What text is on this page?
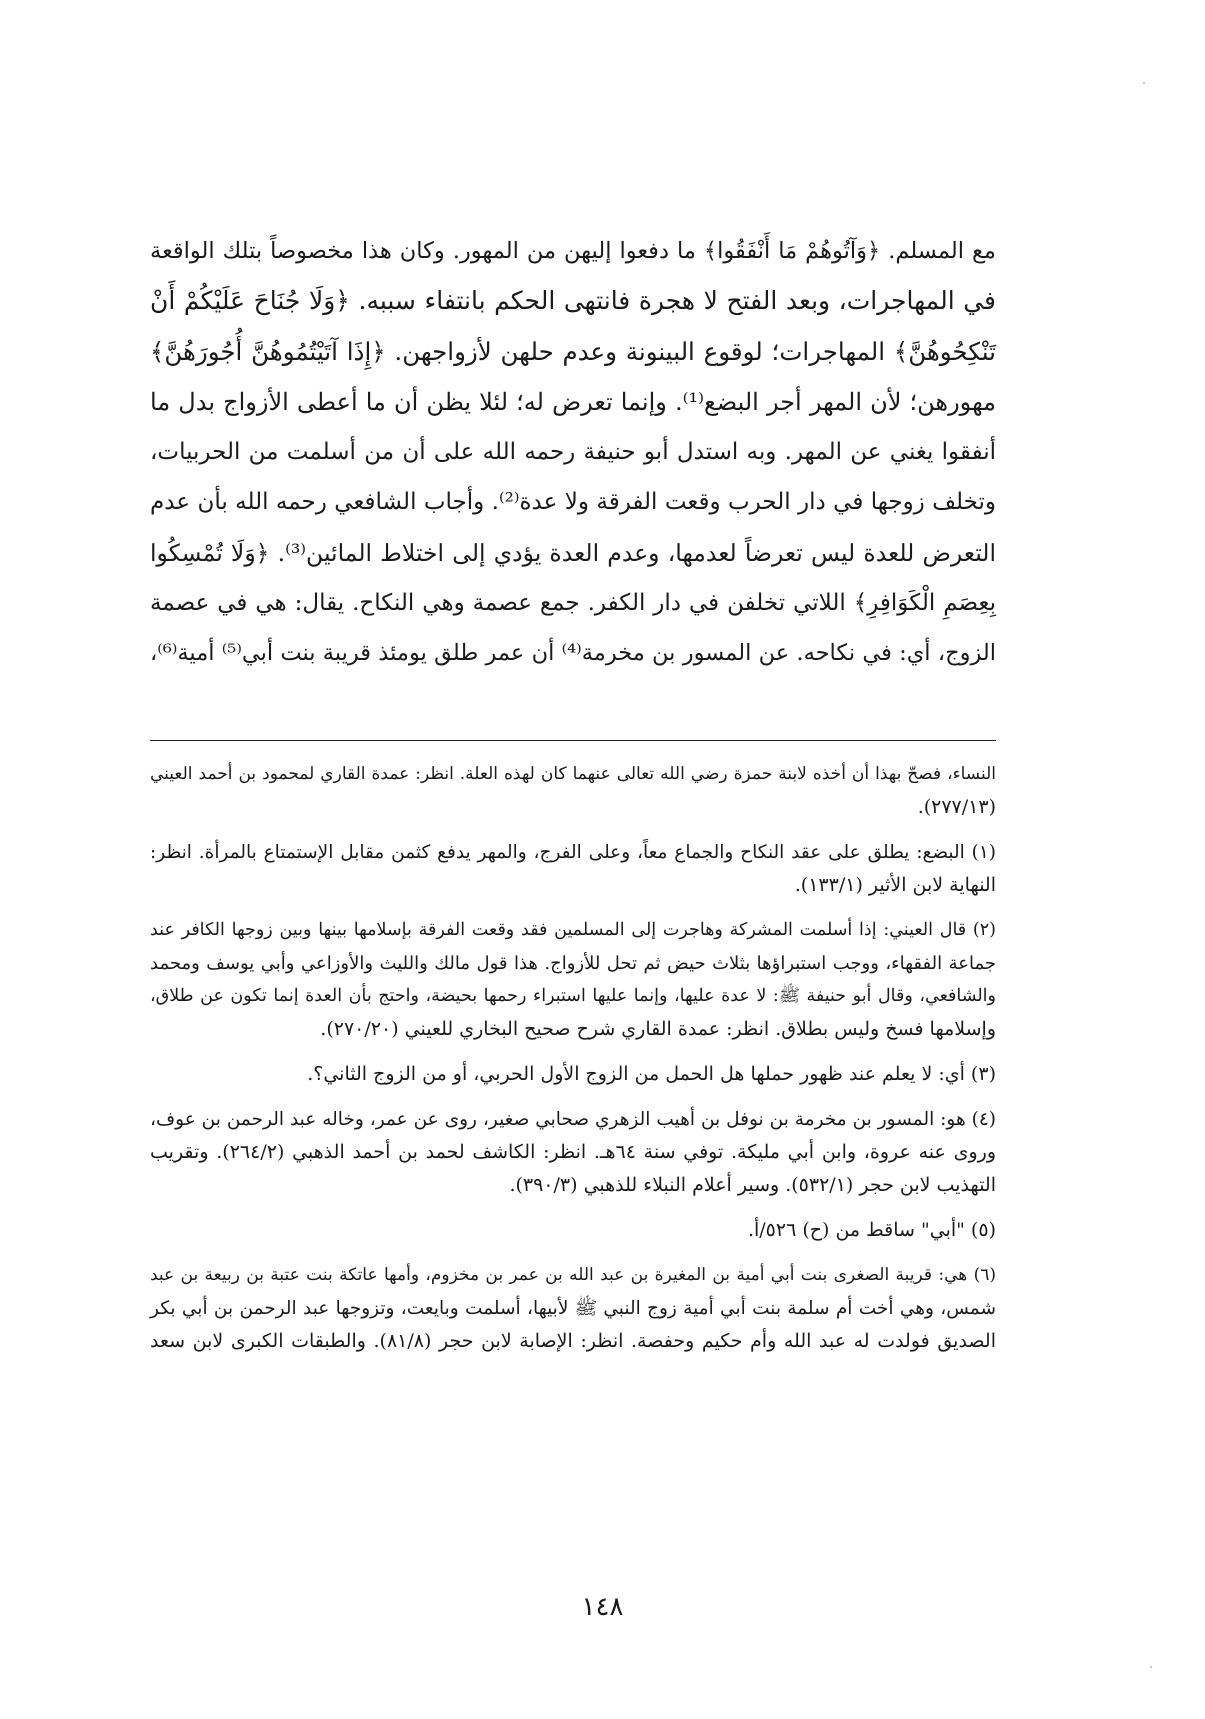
مع المسلم. ﴿وَآتُوهُمْ مَا أَنْفَقُوا﴾ ما دفعوا إليهن من المهور. وكان هذا مخصوصاً بتلك الواقعة
في المهاجرات، وبعد الفتح لا هجرة فانتهى الحكم بانتفاء سببه. ﴿وَلَا جُنَاحَ عَلَيْكُمْ أَنْ
تَنْكِحُوهُنَّ﴾ المهاجرات؛ لوقوع البينونة وعدم حلهن لأزواجهن. ﴿إِذَا آتَيْتُمُوهُنَّ أُجُورَهُنَّ﴾
مهورهن؛ لأن المهر أجر البضع⁽¹⁾. وإنما تعرض له؛ لئلا يظن أن ما أعطى الأزواج بدل ما
أنفقوا يغني عن المهر. وبه استدل أبو حنيفة رحمه الله على أن من أسلمت من الحربيات،
وتخلف زوجها في دار الحرب وقعت الفرقة ولا عدة⁽²⁾. وأجاب الشافعي رحمه الله بأن عدم
التعرض للعدة ليس تعرضاً لعدمها، وعدم العدة يؤدي إلى اختلاط المائين⁽³⁾. ﴿وَلَا تُمْسِكُوا
بِعِصَمِ الْكَوَافِرِ﴾ اللاتي تخلفن في دار الكفر. جمع عصمة وهي النكاح. يقال: هي في عصمة
الزوج، أي: في نكاحه. عن المسور بن مخرمة⁽⁴⁾ أن عمر طلق يومئذ قريبة بنت أبي⁽⁵⁾ أمية⁽⁶⁾،
النساء، فصحّ بهذا أن أخذه لابنة حمزة رضي الله تعالى عنهما كان لهذه العلة. انظر: عمدة القاري لمحمود بن أحمد العيني
(٢٧٧/١٣).
(١) البضع: يطلق على عقد النكاح والجماع معاً، وعلى الفرج، والمهر يدفع كثمن مقابل الإستمتاع بالمرأة. انظر:
النهاية لابن الأثير (١٣٣/١).
(٢) قال العيني: إذا أسلمت المشركة وهاجرت إلى المسلمين فقد وقعت الفرقة بإسلامها بينها وبين زوجها الكافر عند
جماعة الفقهاء، ووجب استبراؤها بثلاث حيض ثم تحل للأزواج. هذا قول مالك والليث والأوزاعي وأبي يوسف ومحمد
والشافعي، وقال أبو حنيفة ﷺ: لا عدة عليها، وإنما عليها استبراء رحمها بحيضة، واحتج بأن العدة إنما تكون عن طلاق،
وإسلامها فسخ وليس بطلاق. انظر: عمدة القاري شرح صحيح البخاري للعيني (٢٧٠/٢٠).
(٣) أي: لا يعلم عند ظهور حملها هل الحمل من الزوج الأول الحربي، أو من الزوج الثاني؟.
(٤) هو: المسور بن مخرمة بن نوفل بن أهيب الزهري صحابي صغير، روى عن عمر، وخاله عبد الرحمن بن عوف،
وروى عنه عروة، وابن أبي مليكة. توفي سنة ٦٤هـ. انظر: الكاشف لحمد بن أحمد الذهبي (٢٦٤/٢). وتقريب
التهذيب لابن حجر (٥٣٢/١). وسير أعلام النبلاء للذهبي (٣٩٠/٣).
(٥) "أبي" ساقط من (ح) ٥٢٦/أ.
(٦) هي: قريبة الصغرى بنت أبي أمية بن المغيرة بن عبد الله بن عمر بن مخزوم، وأمها عاتكة بنت عتبة بن ربيعة بن عبد
شمس، وهي أخت أم سلمة بنت أبي أمية زوج النبي ﷺ لأبيها، أسلمت وبايعت، وتزوجها عبد الرحمن بن أبي بكر
الصديق فولدت له عبد الله وأم حكيم وحفصة. انظر: الإصابة لابن حجر (٨١/٨). والطبقات الكبرى لابن سعد
١٤٨
